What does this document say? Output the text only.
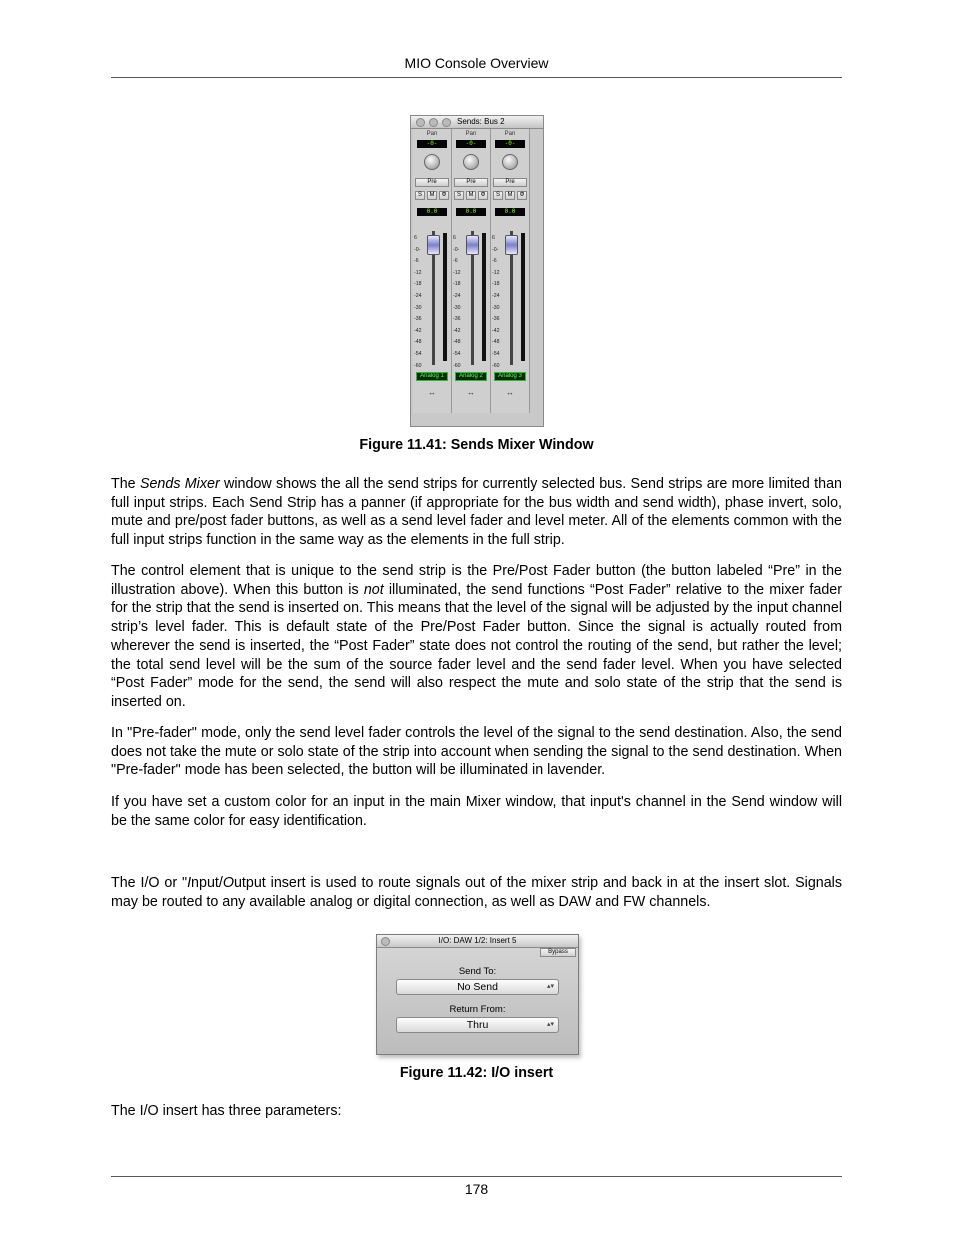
MIO Console Overview
Sends: Bus 2
Pan
-0-
Pre
S	M	Φ
0.0
6
-0-
-6
-12
-18
-24
-30
-36
-42
-48
-54
-60
Analog 1
↔
Pan
-0-
Pre
S	M	Φ
0.0
6
-0-
-6
-12
-18
-24
-30
-36
-42
-48
-54
-60
Analog 2
↔
Pan
-0-
Pre
S	M	Φ
0.0
6
-0-
-6
-12
-18
-24
-30
-36
-42
-48
-54
-60
Analog 3
↔
Figure 11.41: Sends Mixer Window

The Sends Mixer window shows the all the send strips for currently selected bus. Send strips are more limited than full input strips. Each Send Strip has a panner (if appropriate for the bus width and send width), phase invert, solo, mute and pre/post fader buttons, as well as a send level fader and level meter. All of the elements common with the full input strips function in the same way as the elements in the full strip.

The control element that is unique to the send strip is the Pre/Post Fader button (the button labeled “Pre” in the illustration above). When this button is not illuminated, the send functions “Post Fader” relative to the mixer fader for the strip that the send is inserted on. This means that the level of the signal will be adjusted by the input channel strip’s level fader. This is default state of the Pre/Post Fader button. Since the signal is actually routed from wherever the send is inserted, the “Post Fader” state does not control the routing of the send, but rather the level; the total send level will be the sum of the source fader level and the send fader level. When you have selected “Post Fader” mode for the send, the send will also respect the mute and solo state of the strip that the send is inserted on.

In "Pre-fader" mode, only the send level fader controls the level of the signal to the send destination. Also, the send does not take the mute or solo state of the strip into account when sending the signal to the send destination. When "Pre-fader" mode has been selected, the button will be illuminated in lavender.

If you have set a custom color for an input in the main Mixer window, that input's channel in the Send window will be the same color for easy identification.

The I/O or "Input/Output insert is used to route signals out of the mixer strip and back in at the insert slot. Signals may be routed to any available analog or digital connection, as well as DAW and FW channels.

I/O: DAW 1/2: Insert 5
Bypass
Send To:
No Send	▴▾
Return From:
Thru	▴▾
Figure 11.42: I/O insert

The I/O insert has three parameters:

178
